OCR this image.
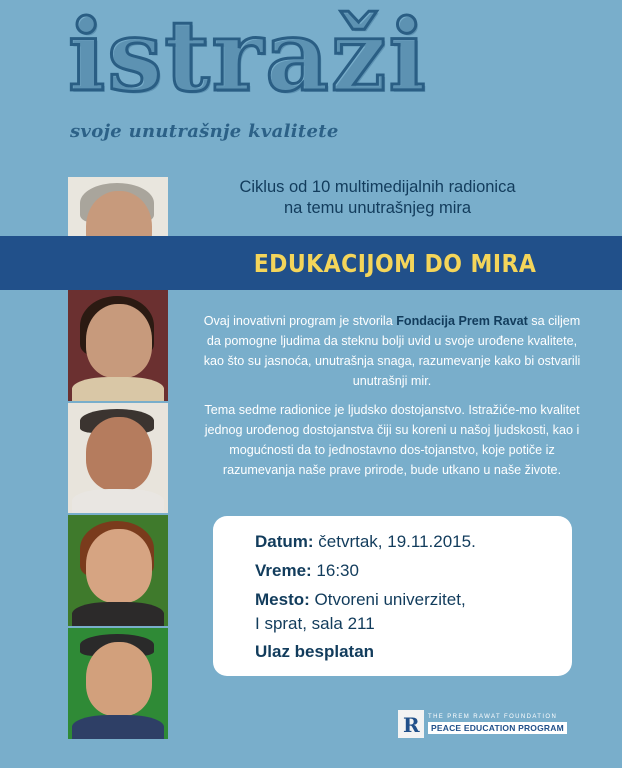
istraži

svoje unutrašnje kvalitete

Ciklus od 10 multimedijalnih radionica
na temu unutrašnjeg mira

EDUKACIJOM DO MIRA

Ovaj inovativni program je stvorila Fondacija Prem Ravat sa ciljem da pomogne ljudima da steknu bolji uvid u svoje urođene kvalitete, kao što su jasnoća, unutrašnja snaga, razumevanje kako bi ostvarili unutrašnji mir.

Tema sedme radionice je ljudsko dostojanstvo. Istražiće-mo kvalitet jednog urođenog dostojanstva čiji su koreni u našoj ljudskosti, kao i mogućnosti da to jednostavno dos-tojanstvo, koje potiče iz razumevanja naše prave prirode, bude utkano u naše živote.

Datum: četvrtak, 19.11.2015.
Vreme: 16:30
Mesto: Otvoreni univerzitet,
I sprat, sala 211
Ulaz besplatan
R THE PREM RAWAT FOUNDATION
PEACE EDUCATION PROGRAM
